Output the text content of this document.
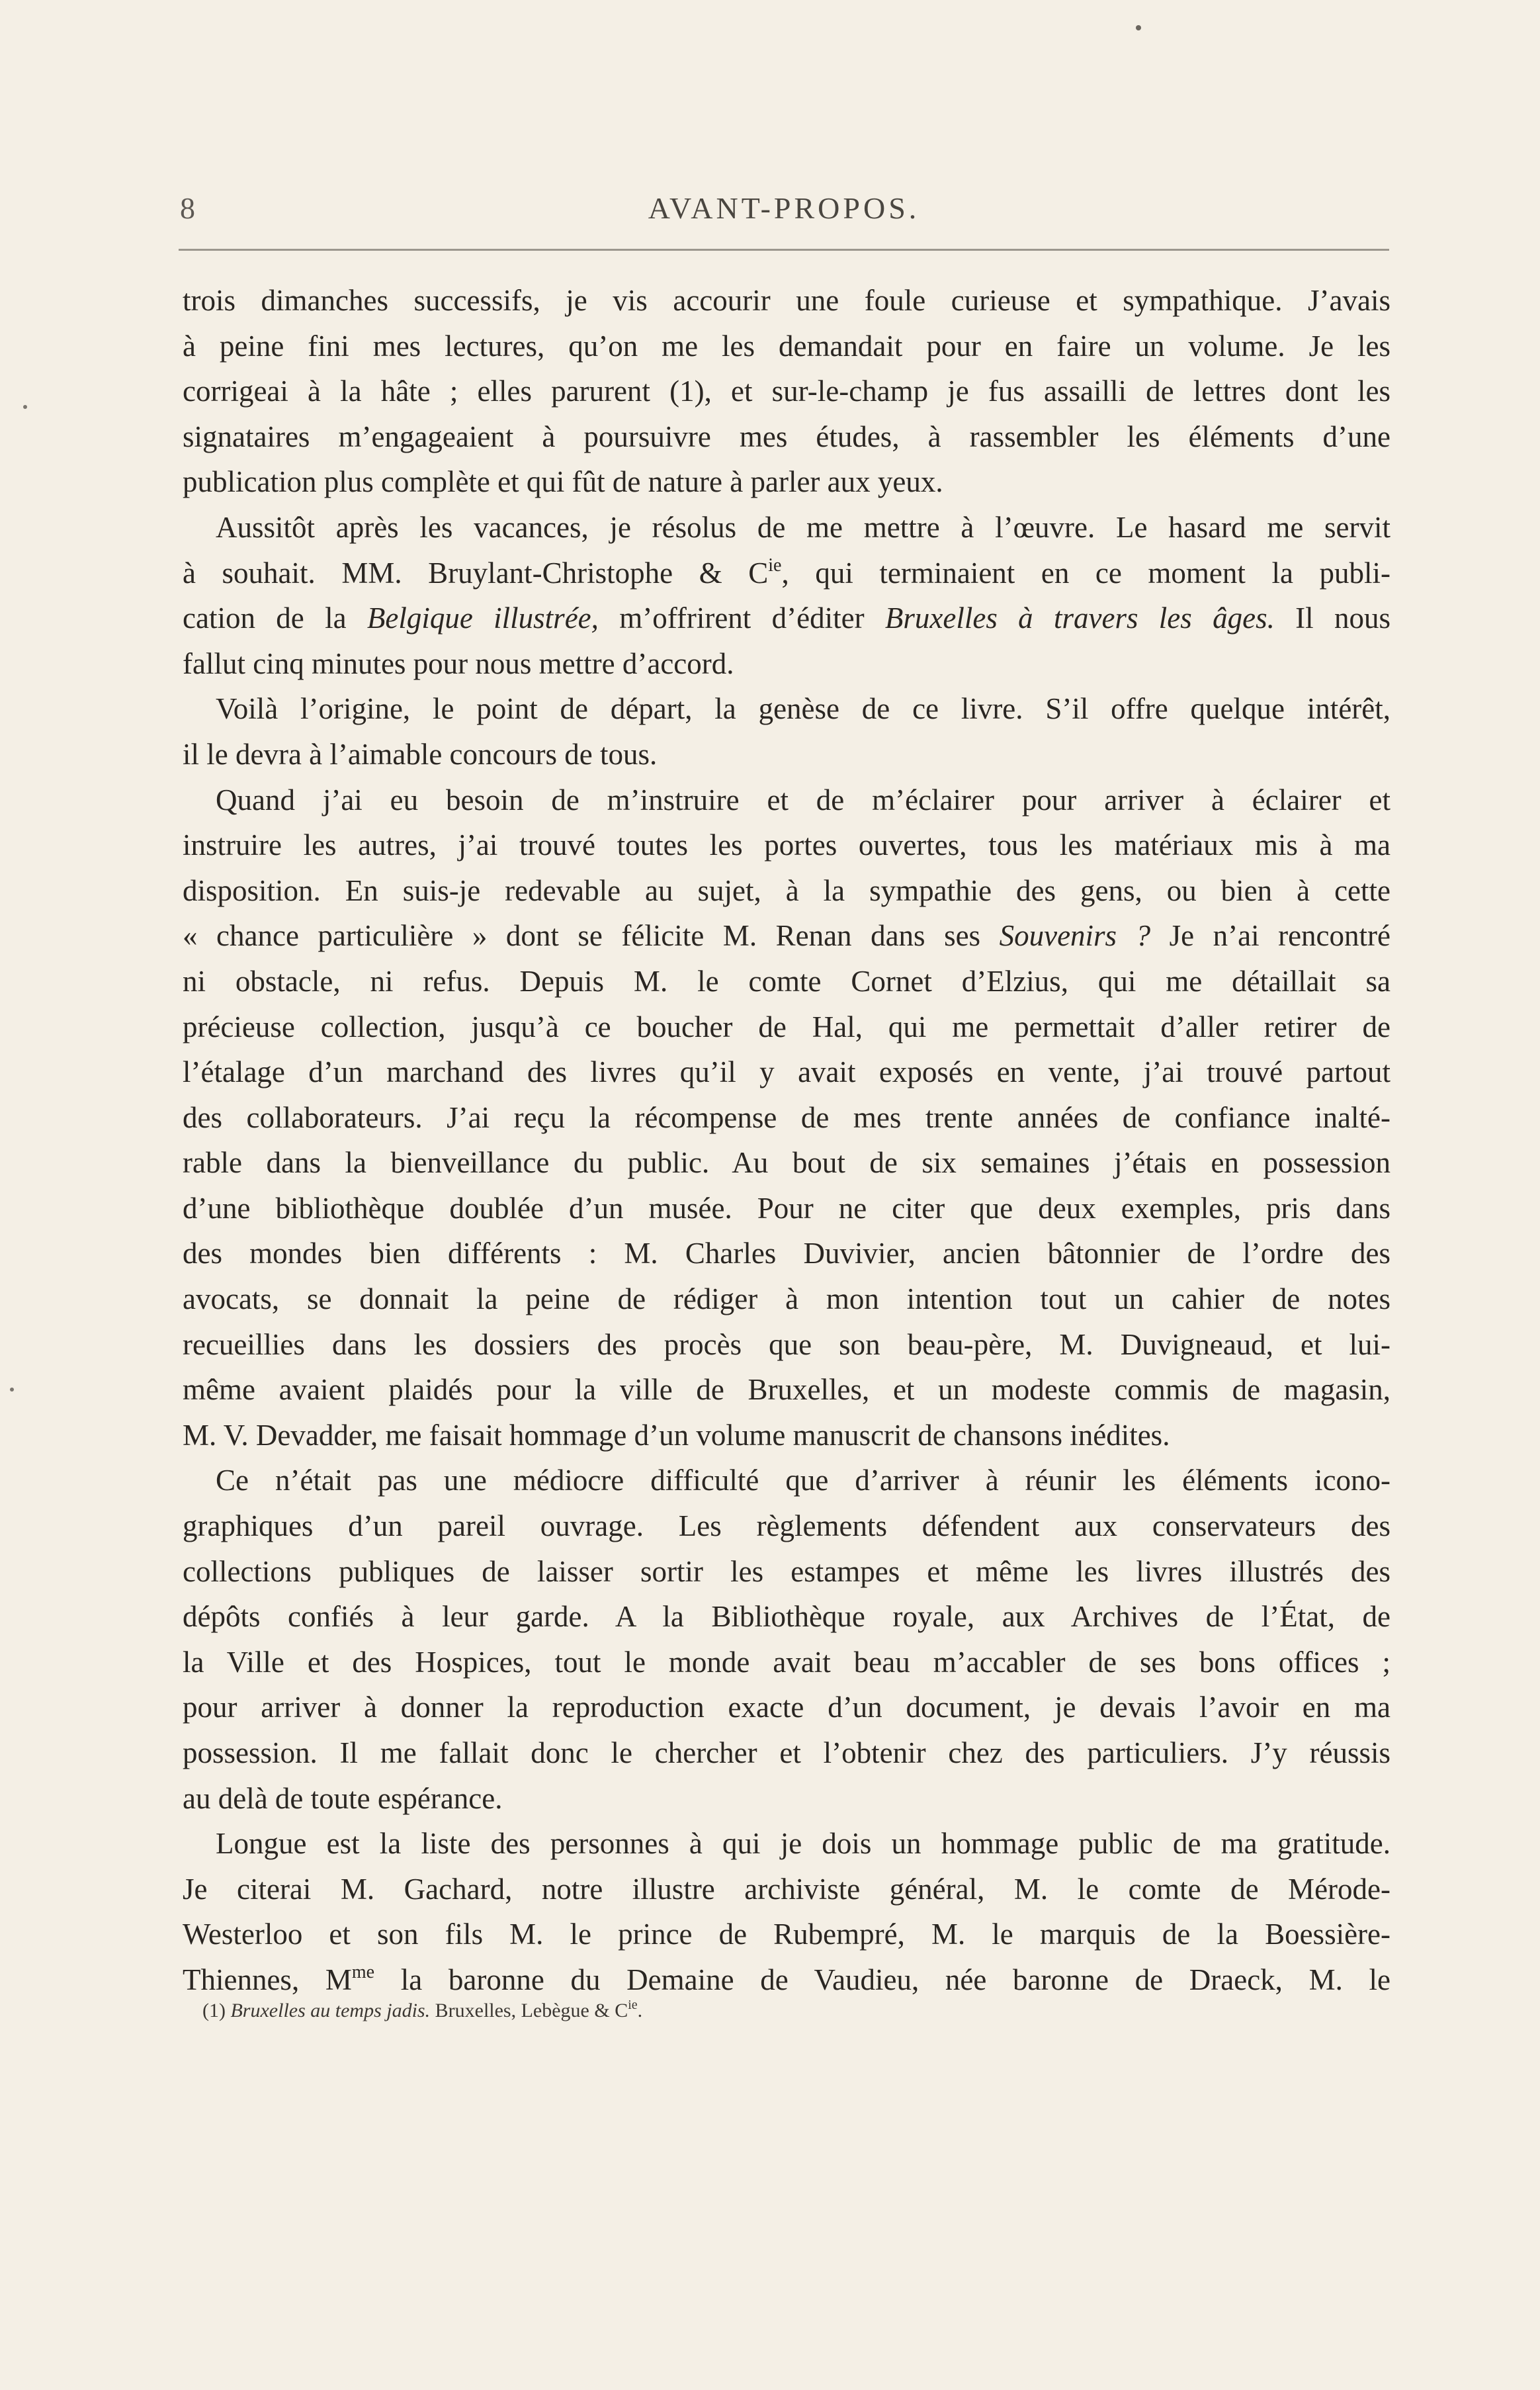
8	AVANT-PROPOS.
trois dimanches successifs, je vis accourir une foule curieuse et sympathique. J’avais
à peine fini mes lectures, qu’on me les demandait pour en faire un volume. Je les
corrigeai à la hâte ; elles parurent (1), et sur-le-champ je fus assailli de lettres dont les
signataires m’engageaient à poursuivre mes études, à rassembler les éléments d’une
publication plus complète et qui fût de nature à parler aux yeux.
Aussitôt après les vacances, je résolus de me mettre à l’œuvre. Le hasard me servit
à souhait. MM. Bruylant-Christophe & $C^{ie}$, qui terminaient en ce moment la publi-
cation de la Belgique illustrée, m’offrirent d’éditer Bruxelles à travers les âges. Il nous
fallut cinq minutes pour nous mettre d’accord.
Voilà l’origine, le point de départ, la genèse de ce livre. S’il offre quelque intérêt,
il le devra à l’aimable concours de tous.
Quand j’ai eu besoin de m’instruire et de m’éclairer pour arriver à éclairer et
instruire les autres, j’ai trouvé toutes les portes ouvertes, tous les matériaux mis à ma
disposition. En suis-je redevable au sujet, à la sympathie des gens, ou bien à cette
« chance particulière » dont se félicite M. Renan dans ses Souvenirs ? Je n’ai rencontré
ni obstacle, ni refus. Depuis M. le comte Cornet d’Elzius, qui me détaillait sa
précieuse collection, jusqu’à ce boucher de Hal, qui me permettait d’aller retirer de
l’étalage d’un marchand des livres qu’il y avait exposés en vente, j’ai trouvé partout
des collaborateurs. J’ai reçu la récompense de mes trente années de confiance inalté-
rable dans la bienveillance du public. Au bout de six semaines j’étais en possession
d’une bibliothèque doublée d’un musée. Pour ne citer que deux exemples, pris dans
des mondes bien différents : M. Charles Duvivier, ancien bâtonnier de l’ordre des
avocats, se donnait la peine de rédiger à mon intention tout un cahier de notes
recueillies dans les dossiers des procès que son beau-père, M. Duvigneaud, et lui-
même avaient plaidés pour la ville de Bruxelles, et un modeste commis de magasin,
M. V. Devadder, me faisait hommage d’un volume manuscrit de chansons inédites.
Ce n’était pas une médiocre difficulté que d’arriver à réunir les éléments icono-
graphiques d’un pareil ouvrage. Les règlements défendent aux conservateurs des
collections publiques de laisser sortir les estampes et même les livres illustrés des
dépôts confiés à leur garde. A la Bibliothèque royale, aux Archives de l’État, de
la Ville et des Hospices, tout le monde avait beau m’accabler de ses bons offices ;
pour arriver à donner la reproduction exacte d’un document, je devais l’avoir en ma
possession. Il me fallait donc le chercher et l’obtenir chez des particuliers. J’y réussis
au delà de toute espérance.
Longue est la liste des personnes à qui je dois un hommage public de ma gratitude.
Je citerai M. Gachard, notre illustre archiviste général, M. le comte de Mérode-
Westerloo et son fils M. le prince de Rubempré, M. le marquis de la Boessière-
Thiennes, $M^{me}$ la baronne du Demaine de Vaudieu, née baronne de Draeck, M. le
(1) Bruxelles au temps jadis. Bruxelles, Lebègue & $C^{ie}$.
